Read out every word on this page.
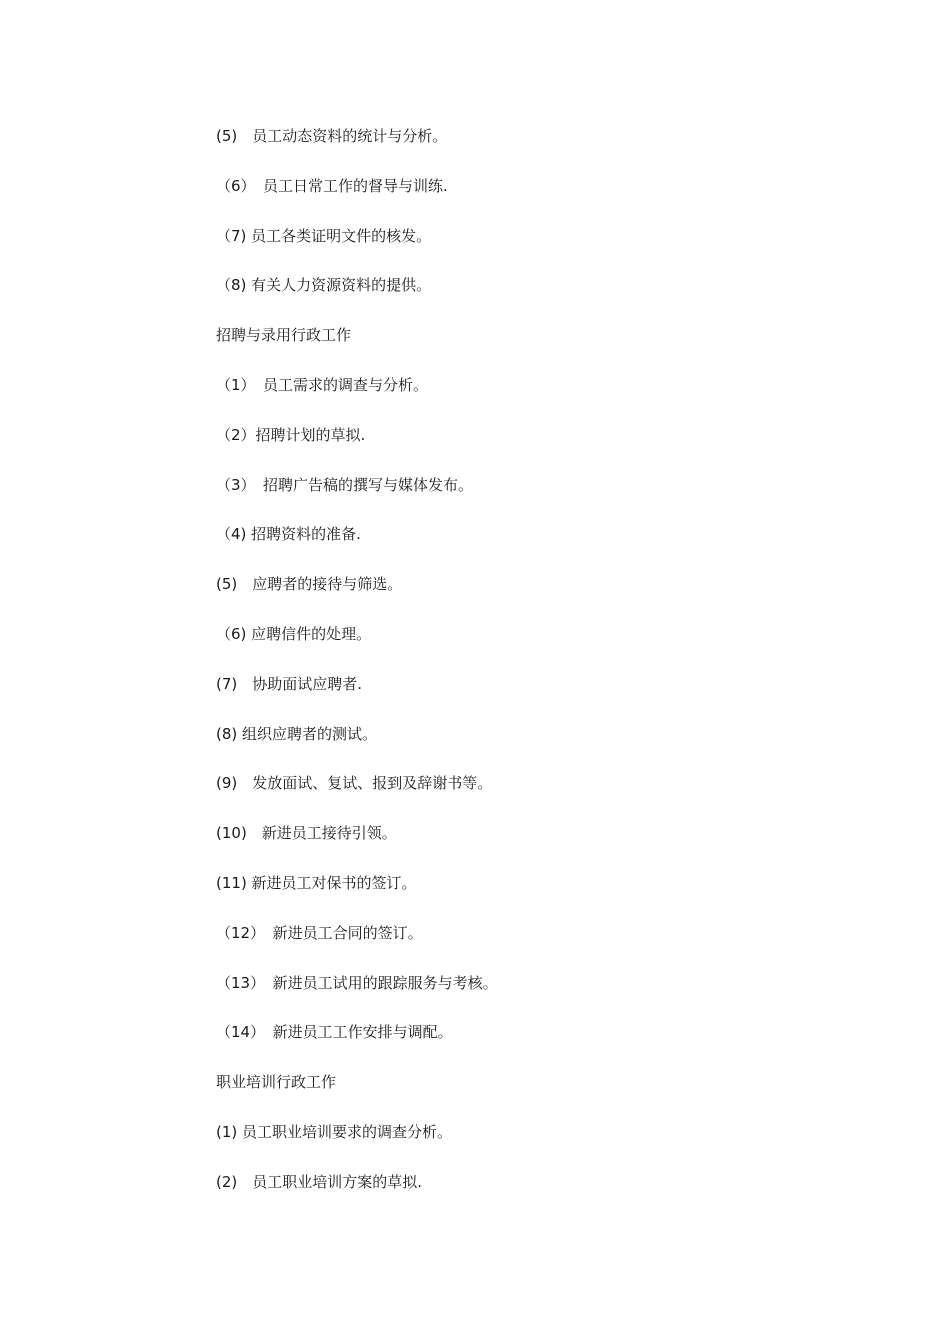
(5)　员工动态资料的统计与分析。
（6）　员工日常工作的督导与训练.
（7) 员工各类证明文件的核发。
（8) 有关人力资源资料的提供。
招聘与录用行政工作
（1）　员工需求的调查与分析。
（2）招聘计划的草拟.
（3）　招聘广告稿的撰写与媒体发布。
（4) 招聘资料的准备.
(5)　应聘者的接待与筛选。
（6) 应聘信件的处理。
(7)　协助面试应聘者.
(8) 组织应聘者的测试。
(9)　发放面试、复试、报到及辞谢书等。
(10)　新进员工接待引领。
(11) 新进员工对保书的签订。
（12）　新进员工合同的签订。
（13）　新进员工试用的跟踪服务与考核。
（14）　新进员工工作安排与调配。
职业培训行政工作
(1) 员工职业培训要求的调查分析。
(2)　员工职业培训方案的草拟.
